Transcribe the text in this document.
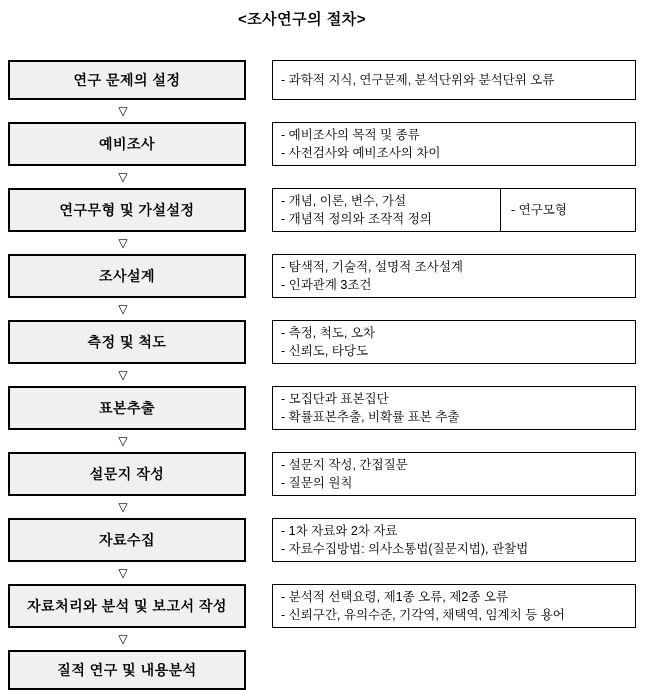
<조사연구의 절차>
연구 문제의 설정	- 과학적 지식, 연구문제, 분석단위와 분석단위 오류
▽
예비조사
- 예비조사의 목적 및 종류
- 사전검사와 예비조사의 차이
▽
연구무형 및 가설설정
- 개념, 이론, 변수, 가설
- 개념적 정의와 조작적 정의
- 연구모형
▽
조사설계
- 탐색적, 기술적, 설명적 조사설계
- 인과관계 3조건
▽
측정 및 척도
- 측정, 척도, 오차
- 신뢰도, 타당도
▽
표본추출
- 모집단과 표본집단
- 확률표본추출, 비확률 표본 추출
▽
설문지 작성
- 설문지 작성, 간접질문
- 질문의 원칙
▽
자료수집
- 1차 자료와 2차 자료
- 자료수집방법: 의사소통법(질문지법), 관찰법
▽
자료처리와 분석 및 보고서 작성
- 분석적 선택요령, 제1종 오류, 제2종 오류
- 신뢰구간, 유의수준, 기각역, 채택역, 임계치 등 용어
▽
질적 연구 및 내용분석
